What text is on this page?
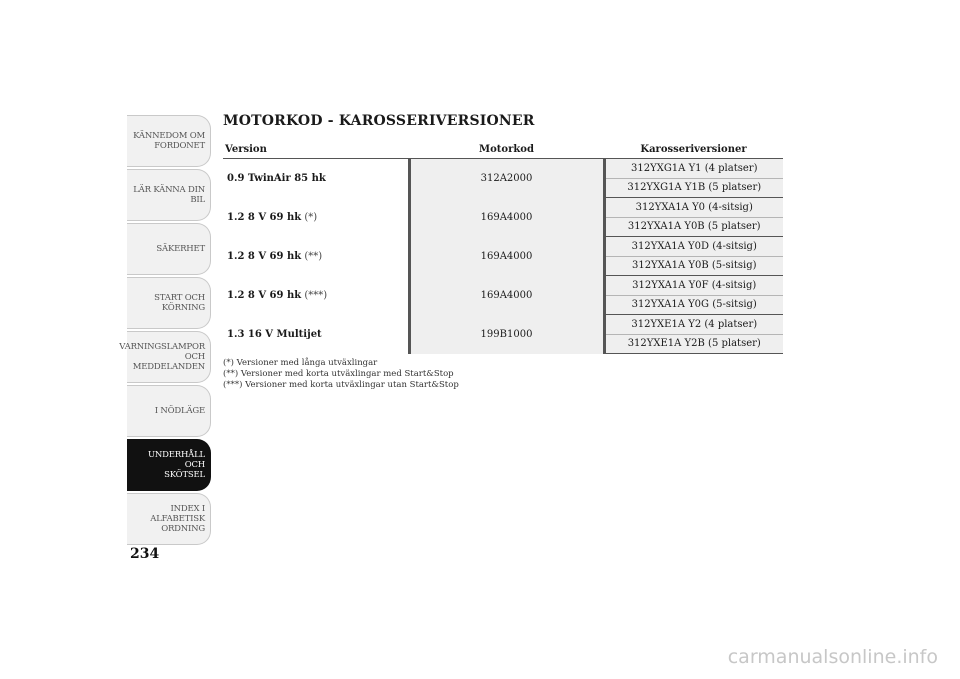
KÄNNEDOM OM
FORDONET
LÄR KÄNNA DIN
BIL
SÄKERHET
START OCH
KÖRNING
VARNINGSLAMPOR
OCH
MEDDELANDEN
I NÖDLÄGE
UNDERHÅLL OCH
SKÖTSEL
INDEX I
ALFABETISK
ORDNING
234
MOTORKOD - KAROSSERIVERSIONER
Version	Motorkod	Karosseriversioner
0.9 TwinAir 85 hk	312A2000	312YXG1A Y1 (4 platser)
		312YXG1A Y1B (5 platser)
1.2 8 V 69 hk (*)	169A4000	312YXA1A Y0 (4-sitsig)
		312YXA1A Y0B (5 platser)
1.2 8 V 69 hk (**)	169A4000	312YXA1A Y0D (4-sitsig)
		312YXA1A Y0B (5-sitsig)
1.2 8 V 69 hk (***)	169A4000	312YXA1A Y0F (4-sitsig)
		312YXA1A Y0G (5-sitsig)
1.3 16 V Multijet	199B1000	312YXE1A Y2 (4 platser)
		312YXE1A Y2B (5 platser)
(*) Versioner med långa utväxlingar
(**) Versioner med korta utväxlingar med Start&Stop
(***) Versioner med korta utväxlingar utan Start&Stop
carmanualsonline.info
